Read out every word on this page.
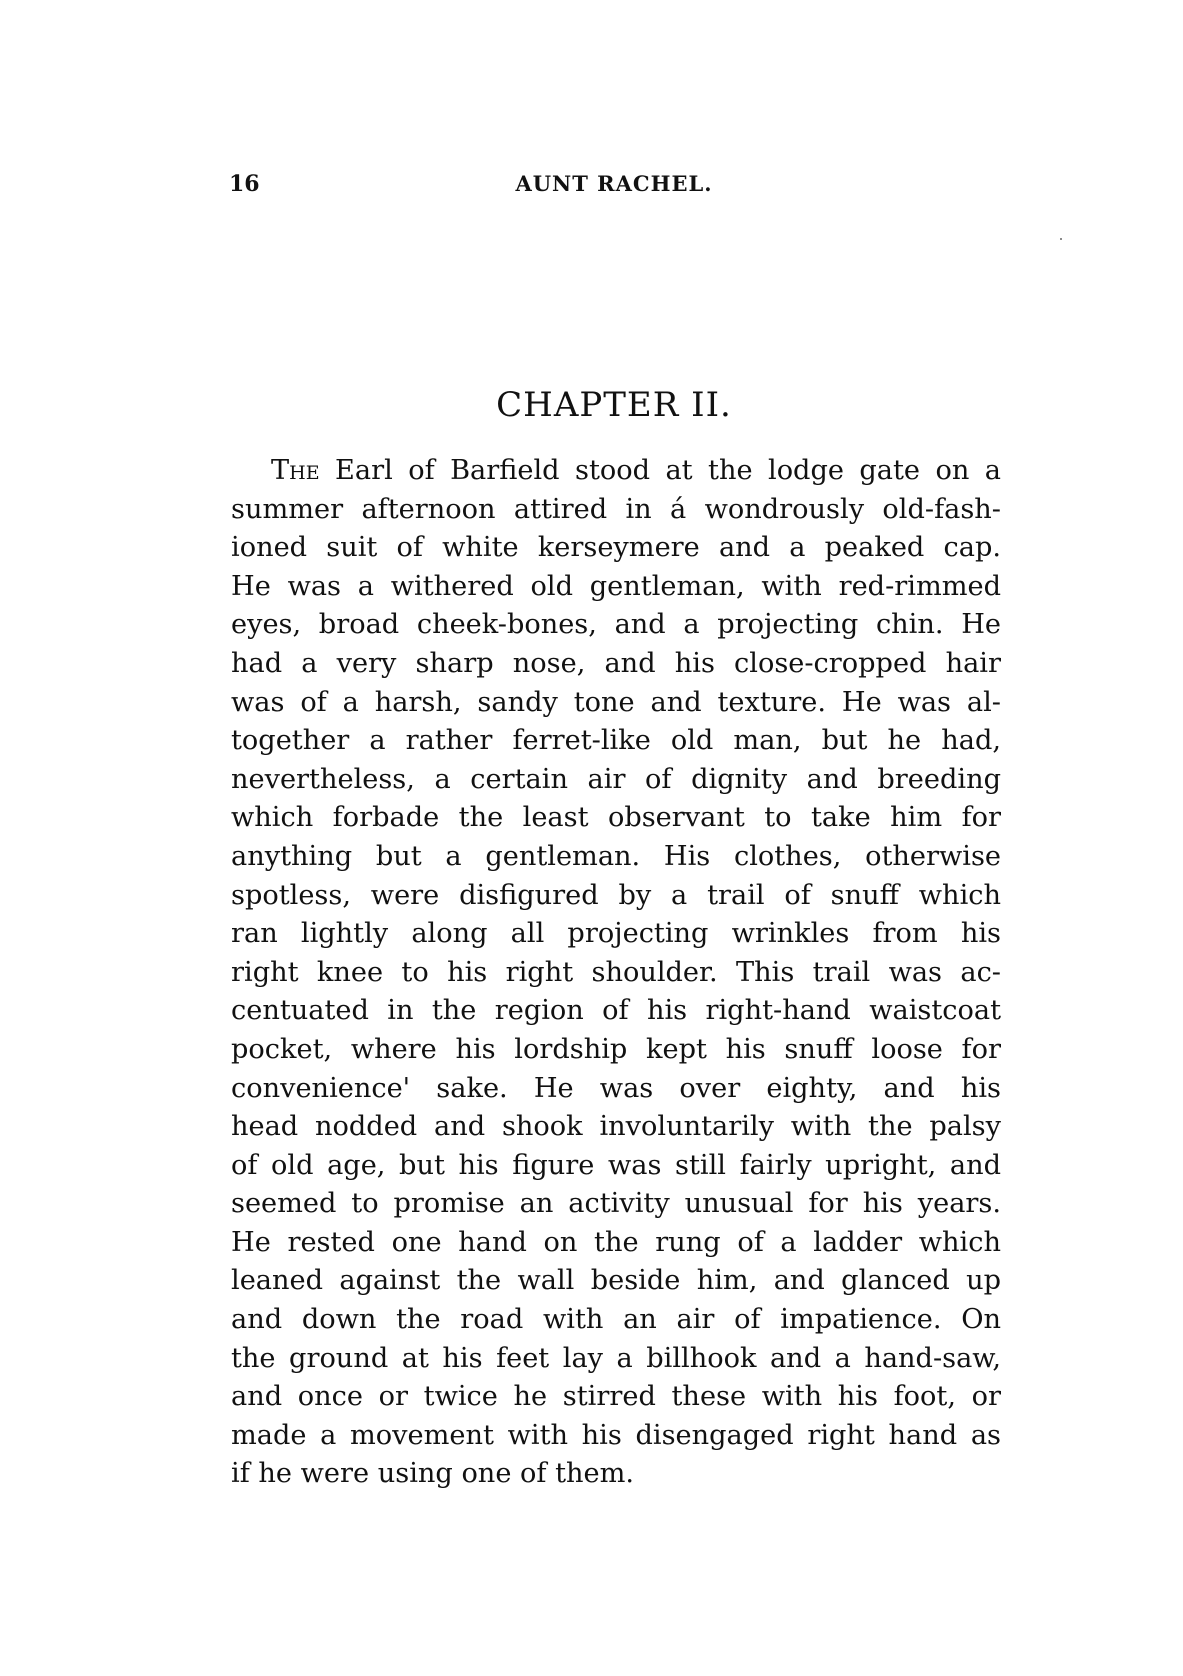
16	AUNT RACHEL.
CHAPTER II.
The Earl of Barfield stood at the lodge gate on a
summer afternoon attired in á wondrously old-fash-
ioned suit of white kerseymere and a peaked cap.
He was a withered old gentleman, with red-rimmed
eyes, broad cheek-bones, and a projecting chin. He
had a very sharp nose, and his close-cropped hair
was of a harsh, sandy tone and texture. He was al-
together a rather ferret-like old man, but he had,
nevertheless, a certain air of dignity and breeding
which forbade the least observant to take him for
anything but a gentleman. His clothes, otherwise
spotless, were disfigured by a trail of snuff which
ran lightly along all projecting wrinkles from his
right knee to his right shoulder. This trail was ac-
centuated in the region of his right-hand waistcoat
pocket, where his lordship kept his snuff loose for
convenience' sake. He was over eighty, and his
head nodded and shook involuntarily with the palsy
of old age, but his figure was still fairly upright, and
seemed to promise an activity unusual for his years.
He rested one hand on the rung of a ladder which
leaned against the wall beside him, and glanced up
and down the road with an air of impatience. On
the ground at his feet lay a billhook and a hand-saw,
and once or twice he stirred these with his foot, or
made a movement with his disengaged right hand as
if he were using one of them.
